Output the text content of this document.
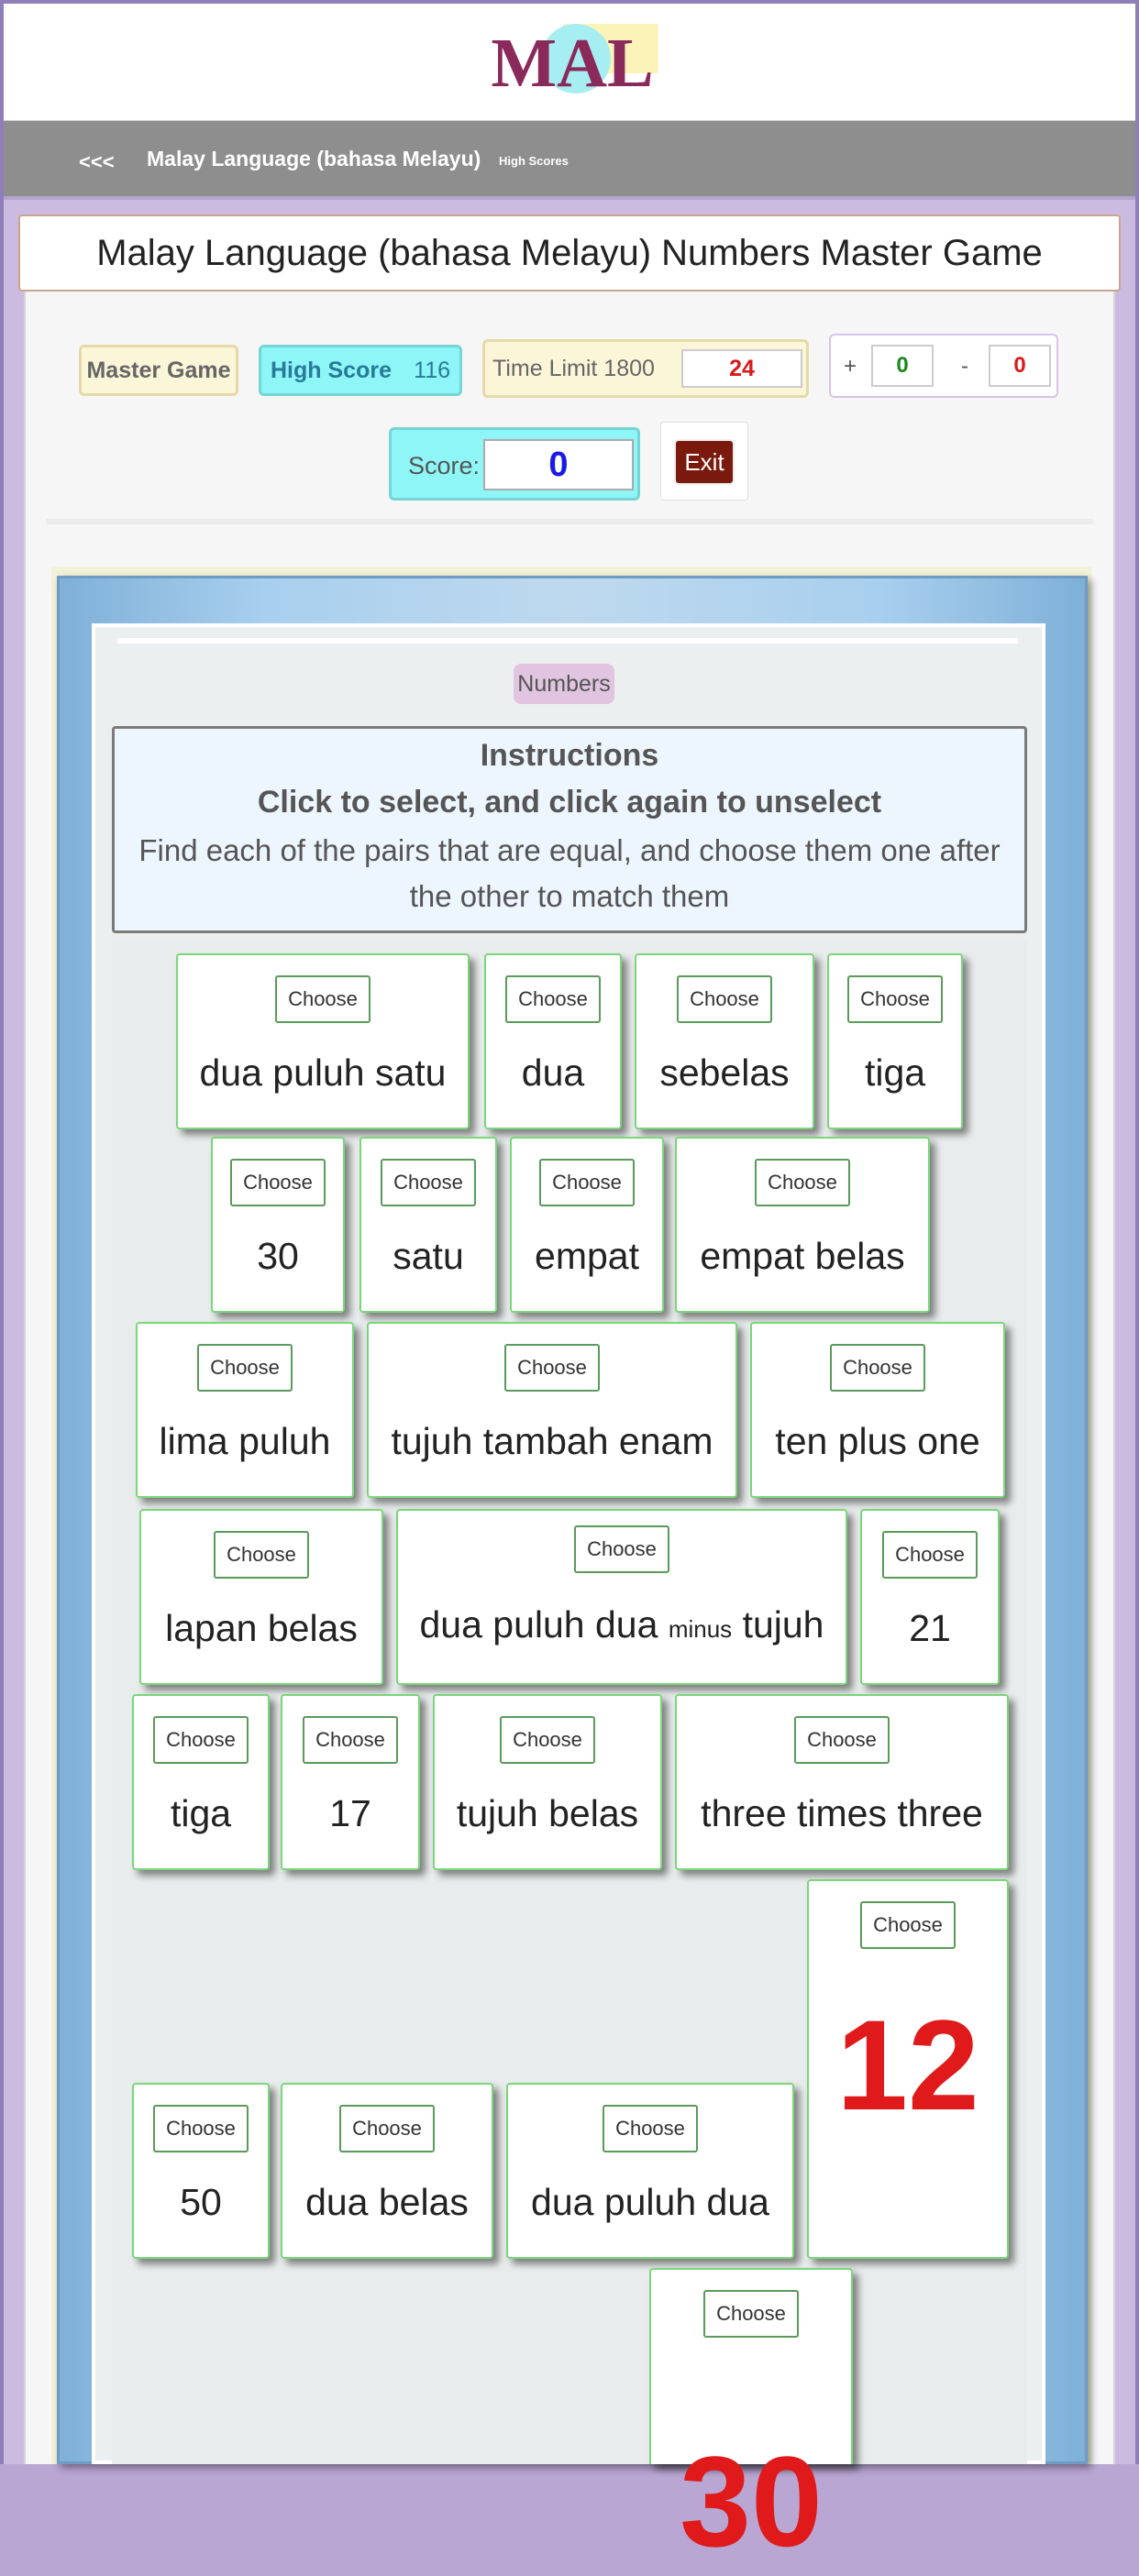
MAL
<<< Malay Language (bahasa Melayu) High Scores
Malay Language (bahasa Melayu) Numbers Master Game
Master Game High Score 116 Time Limit 1800	24	+	0	-	0
Score:	0	Exit
Numbers
Instructions
Click to select, and click again to unselect
Find each of the pairs that are equal, and choose them one after the other to match them
Choose
dua puluh satu
Choose
dua
Choose
sebelas
Choose
tiga
Choose
30
Choose
satu
Choose
empat
Choose
empat belas
Choose
lima puluh
Choose
tujuh tambah enam
Choose
ten plus one
Choose
lapan belas
Choose
dua puluh dua minus tujuh
Choose
21
Choose
tiga
Choose
17
Choose
tujuh belas
Choose
three times three
Choose
12
Choose
50
Choose
dua belas
Choose
dua puluh dua
Choose
30
